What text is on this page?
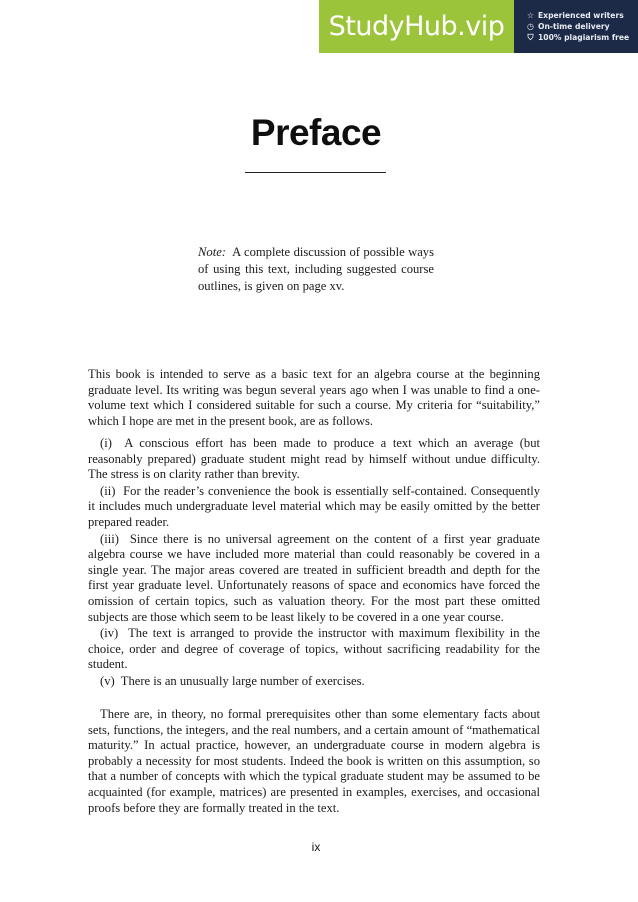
StudyHub.vip	☆ Experienced writers
◷ On-time delivery
⛉ 100% plagiarism free
Preface
Note: A complete discussion of possible ways of using this text, including suggested course outlines, is given on page xv.

This book is intended to serve as a basic text for an algebra course at the beginning graduate level. Its writing was begun several years ago when I was unable to find a one-volume text which I considered suitable for such a course. My criteria for “suitability,” which I hope are met in the present book, are as follows.

(i) A conscious effort has been made to produce a text which an average (but reasonably prepared) graduate student might read by himself without undue difficulty. The stress is on clarity rather than brevity.

(ii) For the reader’s convenience the book is essentially self-contained. Consequently it includes much undergraduate level material which may be easily omitted by the better prepared reader.

(iii) Since there is no universal agreement on the content of a first year graduate algebra course we have included more material than could reasonably be covered in a single year. The major areas covered are treated in sufficient breadth and depth for the first year graduate level. Unfortunately reasons of space and economics have forced the omission of certain topics, such as valuation theory. For the most part these omitted subjects are those which seem to be least likely to be covered in a one year course.

(iv) The text is arranged to provide the instructor with maximum flexibility in the choice, order and degree of coverage of topics, without sacrificing readability for the student.

(v) There is an unusually large number of exercises.

There are, in theory, no formal prerequisites other than some elementary facts about sets, functions, the integers, and the real numbers, and a certain amount of “mathematical maturity.” In actual practice, however, an undergraduate course in modern algebra is probably a necessity for most students. Indeed the book is written on this assumption, so that a number of concepts with which the typical graduate student may be assumed to be acquainted (for example, matrices) are presented in examples, exercises, and occasional proofs before they are formally treated in the text.

ix
